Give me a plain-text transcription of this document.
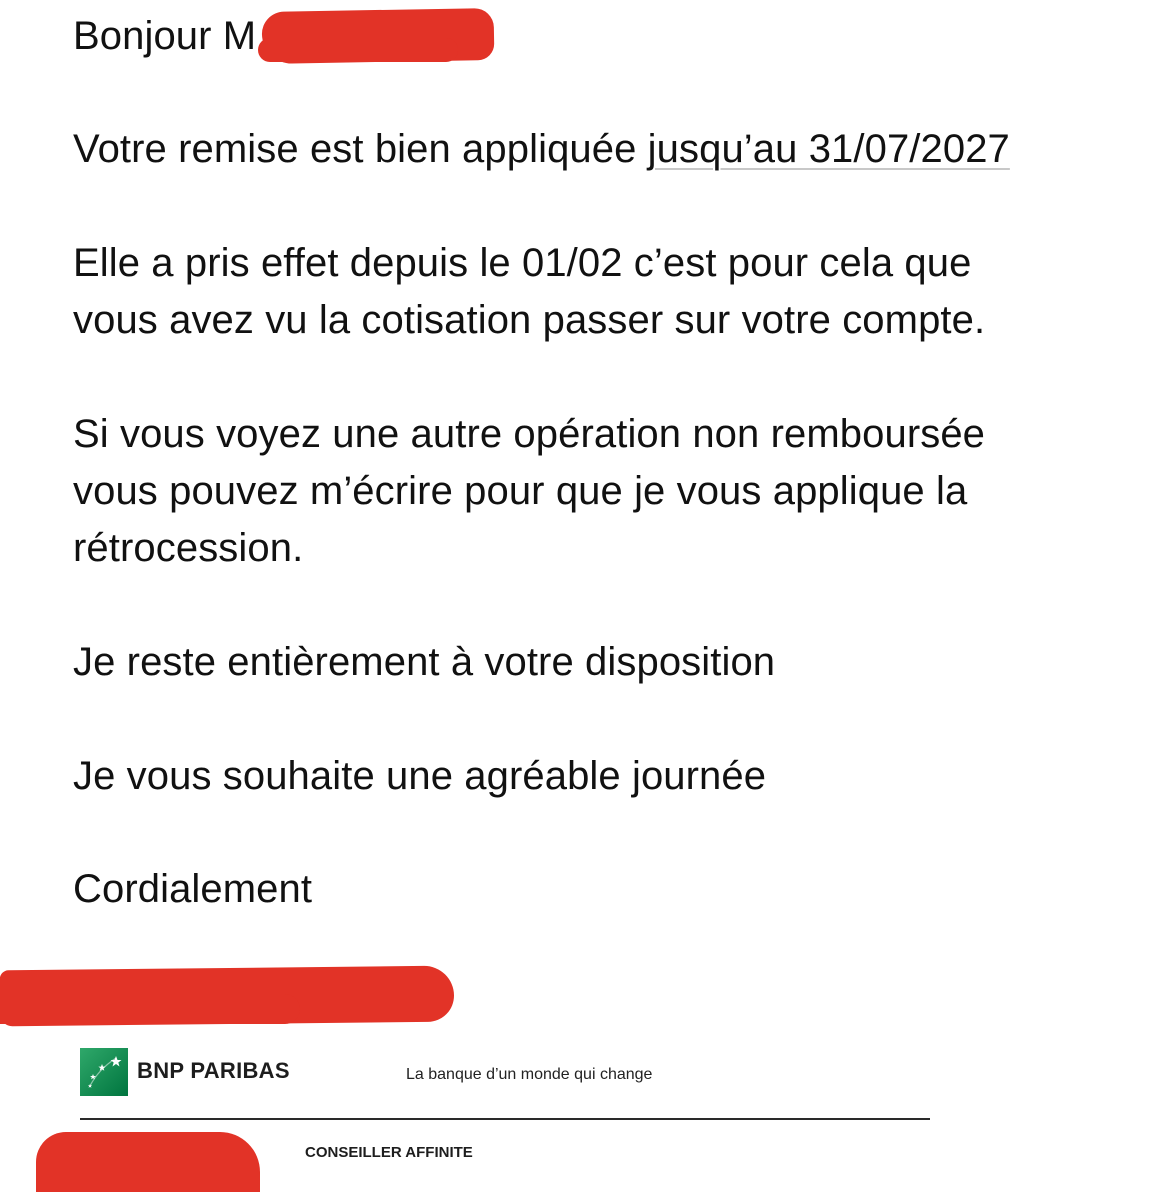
Bonjour M
Votre remise est bien appliquée jusqu’au 31/07/2027
Elle a pris effet depuis le 01/02 c’est pour cela que
vous avez vu la cotisation passer sur votre compte.
Si vous voyez une autre opération non remboursée
vous pouvez m’écrire pour que je vous applique la
rétrocession.
Je reste entièrement à votre disposition
Je vous souhaite une agréable journée
Cordialement
BNP PARIBAS	La banque d’un monde qui change
CONSEILLER AFFINITE
